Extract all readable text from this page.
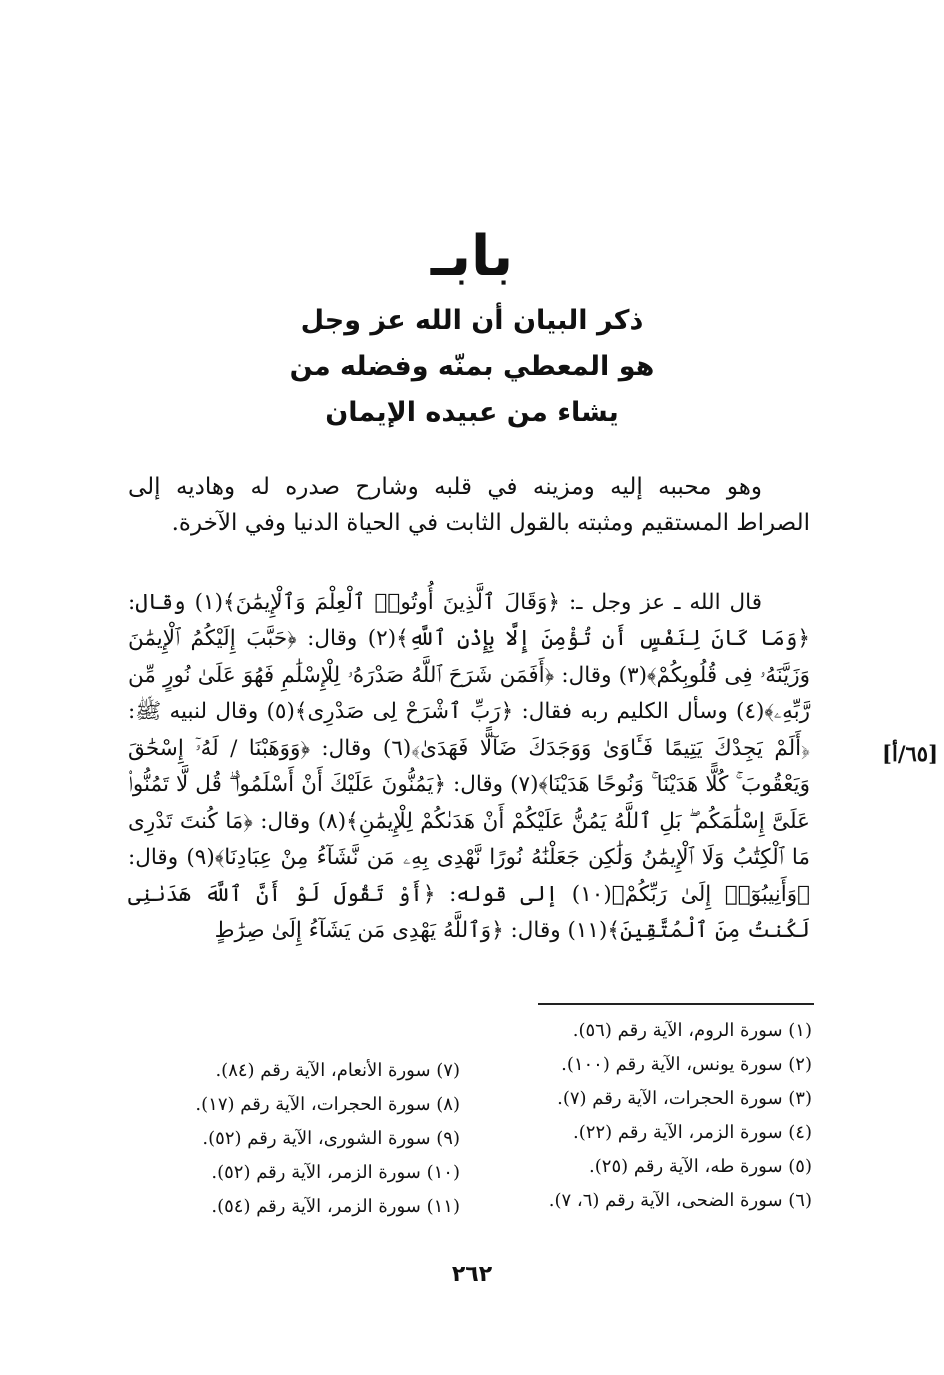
بابـ
ذكر البيان أن الله عز وجل
هو المعطي بمنّه وفضله من
يشاء من عبيده الإيمان

وهو محببه إليه ومزينه في قلبه وشارح صدره له وهاديه إلى الصراط المستقيم ومثبته بالقول الثابت في الحياة الدنيا وفي الآخرة.

قال الله ـ عز وجل ـ: ﴿وَقَالَ ٱلَّذِينَ أُوتُوا۟ ٱلْعِلْمَ وَٱلْإِيمَٰنَ﴾(١) وقال: ﴿وَمَا كَانَ لِنَفْسٍ أَن تُؤْمِنَ إِلَّا بِإِذْنِ ٱللَّهِ﴾(٢) وقال: ﴿حَبَّبَ إِلَيْكُمُ ٱلْإِيمَٰنَ وَزَيَّنَهُۥ فِى قُلُوبِكُمْ﴾(٣) وقال: ﴿أَفَمَن شَرَحَ ٱللَّهُ صَدْرَهُۥ لِلْإِسْلَٰمِ فَهُوَ عَلَىٰ نُورٍ مِّن رَّبِّهِۦ﴾(٤) وسأل الكليم ربه فقال: ﴿رَبِّ ٱشْرَحْ لِى صَدْرِى﴾(٥) وقال لنبيه ﷺ: ﴿أَلَمْ يَجِدْكَ يَتِيمًا فَـَٔاوَىٰ وَوَجَدَكَ ضَآلًّا فَهَدَىٰ﴾(٦) وقال: ﴿وَوَهَبْنَا / لَهُۥٓ إِسْحَٰقَ وَيَعْقُوبَ ۚ كُلًّا هَدَيْنَا ۚ وَنُوحًا هَدَيْنَا﴾(٧) وقال: ﴿يَمُنُّونَ عَلَيْكَ أَنْ أَسْلَمُوا۟ ۖ قُل لَّا تَمُنُّوا۟ عَلَىَّ إِسْلَٰمَكُم ۖ بَلِ ٱللَّهُ يَمُنُّ عَلَيْكُمْ أَنْ هَدَىٰكُمْ لِلْإِيمَٰنِ﴾(٨) وقال: ﴿مَا كُنتَ تَدْرِى مَا ٱلْكِتَٰبُ وَلَا ٱلْإِيمَٰنُ وَلَٰكِن جَعَلْنَٰهُ نُورًا نَّهْدِى بِهِۦ مَن نَّشَآءُ مِنْ عِبَادِنَا﴾(٩) وقال: ﴿وَأَنِيبُوٓا۟ إِلَىٰ رَبِّكُمْ﴾(١٠) إلى قوله: ﴿أَوْ تَقُولَ لَوْ أَنَّ ٱللَّهَ هَدَىٰنِى لَكُنتُ مِنَ ٱلْمُتَّقِينَ﴾(١١) وقال: ﴿وَٱللَّهُ يَهْدِى مَن يَشَآءُ إِلَىٰ صِرَٰطٍ

[٦٥/أ]
(١) سورة الروم، الآية رقم (٥٦).
(٢) سورة يونس، الآية رقم (١٠٠).
(٣) سورة الحجرات، الآية رقم (٧).
(٤) سورة الزمر، الآية رقم (٢٢).
(٥) سورة طه، الآية رقم (٢٥).
(٦) سورة الضحى، الآية رقم (٦، ٧).
(٧) سورة الأنعام، الآية رقم (٨٤).
(٨) سورة الحجرات، الآية رقم (١٧).
(٩) سورة الشورى، الآية رقم (٥٢).
(١٠) سورة الزمر، الآية رقم (٥٢).
(١١) سورة الزمر، الآية رقم (٥٤).
٢٦٢
